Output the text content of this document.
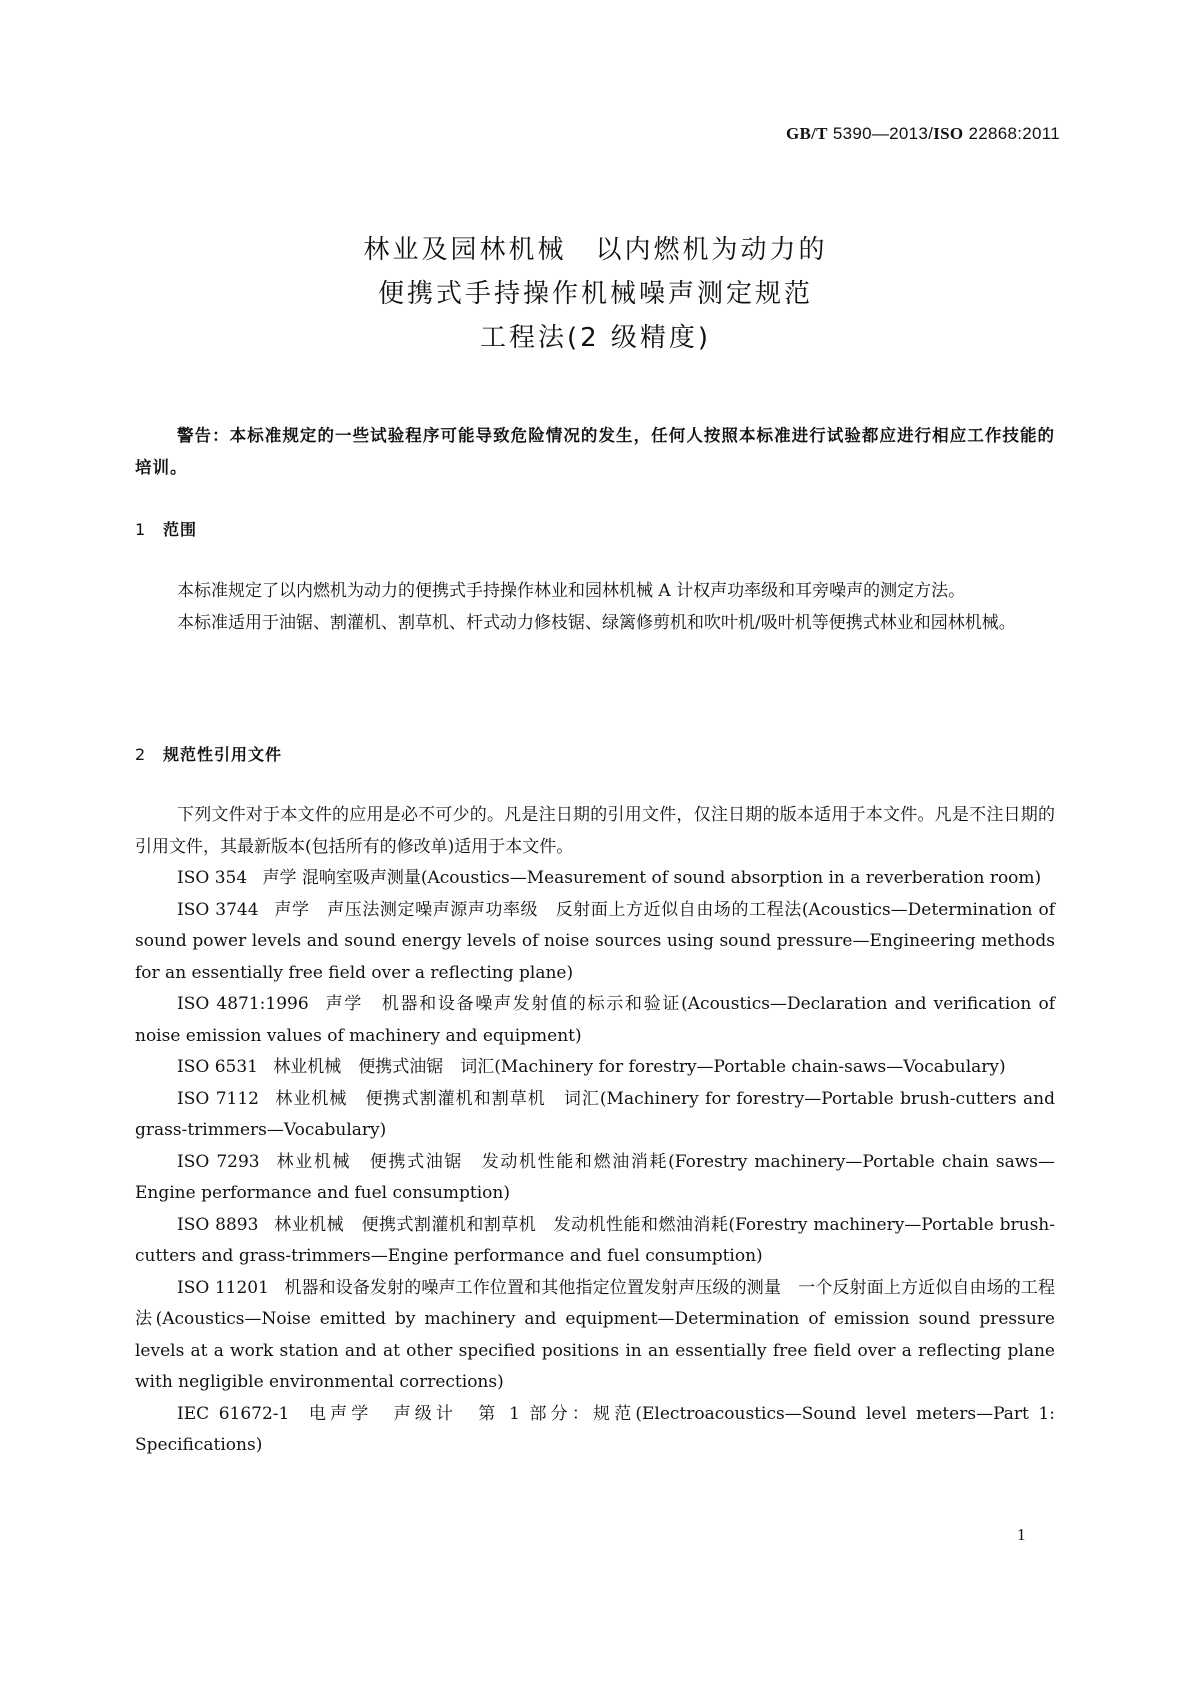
GB/T 5390—2013/ISO 22868:2011
林业及园林机械　以内燃机为动力的
便携式手持操作机械噪声测定规范
工程法(2 级精度)
警告：本标准规定的一些试验程序可能导致危险情况的发生，任何人按照本标准进行试验都应进行相应工作技能的培训。
1 范围
本标准规定了以内燃机为动力的便携式手持操作林业和园林机械 A 计权声功率级和耳旁噪声的测定方法。
本标准适用于油锯、割灌机、割草机、杆式动力修枝锯、绿篱修剪机和吹叶机/吸叶机等便携式林业和园林机械。
2 规范性引用文件
下列文件对于本文件的应用是必不可少的。凡是注日期的引用文件，仅注日期的版本适用于本文件。凡是不注日期的引用文件，其最新版本(包括所有的修改单)适用于本文件。
ISO 354 声学 混响室吸声测量(Acoustics—Measurement of sound absorption in a reverberation room)
ISO 3744 声学　声压法测定噪声源声功率级　反射面上方近似自由场的工程法(Acoustics—Determination of sound power levels and sound energy levels of noise sources using sound pressure—Engineering methods for an essentially free field over a reflecting plane)
ISO 4871:1996 声学　机器和设备噪声发射值的标示和验证(Acoustics—Declaration and verification of noise emission values of machinery and equipment)
ISO 6531 林业机械　便携式油锯　词汇(Machinery for forestry—Portable chain-saws—Vocabulary)
ISO 7112 林业机械　便携式割灌机和割草机　词汇(Machinery for forestry—Portable brush-cutters and grass-trimmers—Vocabulary)
ISO 7293 林业机械　便携式油锯　发动机性能和燃油消耗(Forestry machinery—Portable chain saws—Engine performance and fuel consumption)
ISO 8893 林业机械　便携式割灌机和割草机　发动机性能和燃油消耗(Forestry machinery—Portable brush-cutters and grass-trimmers—Engine performance and fuel consumption)
ISO 11201 机器和设备发射的噪声工作位置和其他指定位置发射声压级的测量　一个反射面上方近似自由场的工程法(Acoustics—Noise emitted by machinery and equipment—Determination of emission sound pressure levels at a work station and at other specified positions in an essentially free field over a reflecting plane with negligible environmental corrections)
IEC 61672-1 电声学　声级计　第 1 部分：规范(Electroacoustics—Sound level meters—Part 1: Specifications)
1
